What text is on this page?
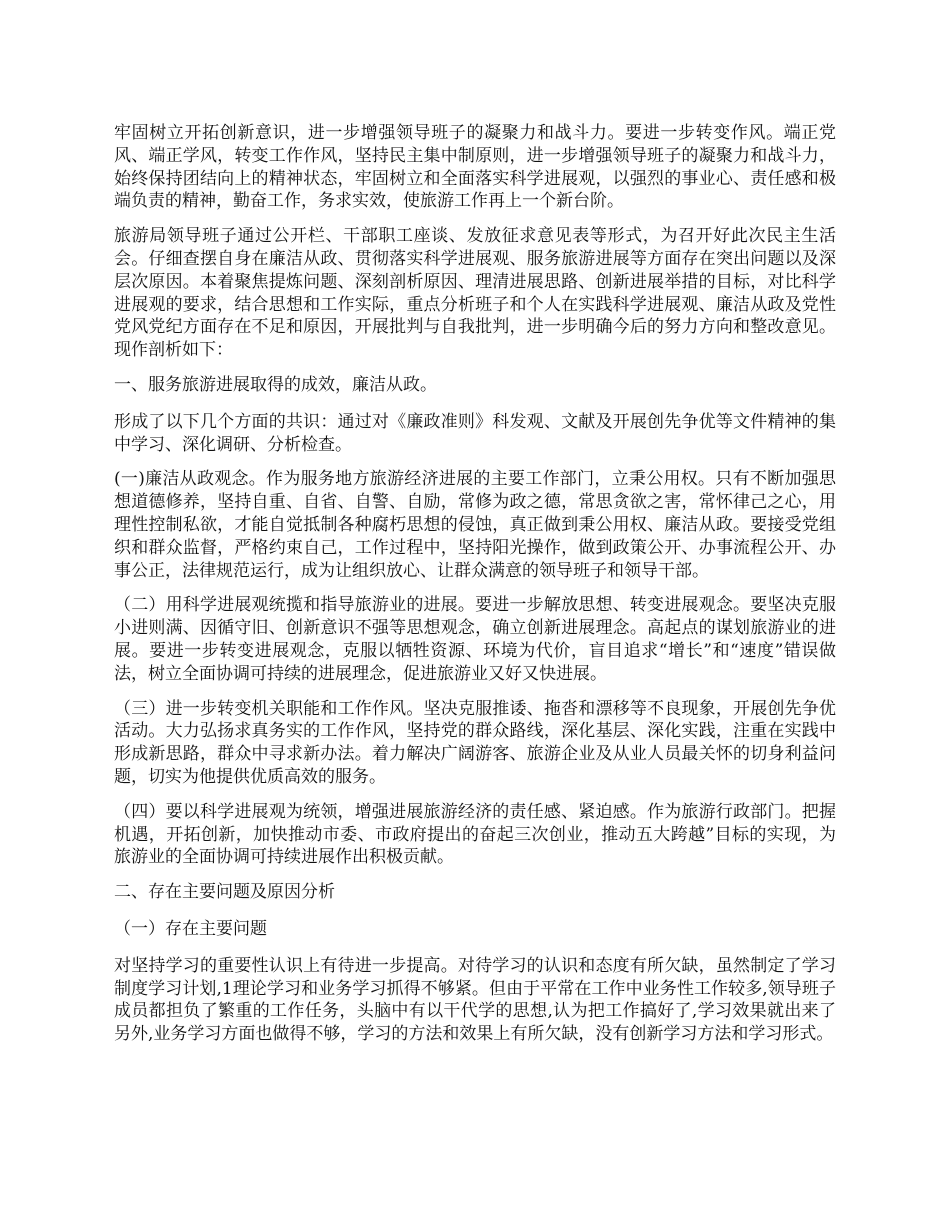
牢固树立开拓创新意识，进一步增强领导班子的凝聚力和战斗力。要进一步转变作风。端正党风、端正学风，转变工作作风，坚持民主集中制原则，进一步增强领导班子的凝聚力和战斗力，始终保持团结向上的精神状态，牢固树立和全面落实科学进展观，以强烈的事业心、责任感和极端负责的精神，勤奋工作，务求实效，使旅游工作再上一个新台阶。

旅游局领导班子通过公开栏、干部职工座谈、发放征求意见表等形式，为召开好此次民主生活会。仔细查摆自身在廉洁从政、贯彻落实科学进展观、服务旅游进展等方面存在突出问题以及深层次原因。本着聚焦提炼问题、深刻剖析原因、理清进展思路、创新进展举措的目标，对比科学进展观的要求，结合思想和工作实际，重点分析班子和个人在实践科学进展观、廉洁从政及党性党风党纪方面存在不足和原因，开展批判与自我批判，进一步明确今后的努力方向和整改意见。现作剖析如下：

一、服务旅游进展取得的成效，廉洁从政。

形成了以下几个方面的共识：通过对《廉政准则》科发观、文献及开展创先争优等文件精神的集中学习、深化调研、分析检查。

(一)廉洁从政观念。作为服务地方旅游经济进展的主要工作部门，立秉公用权。只有不断加强思想道德修养，坚持自重、自省、自警、自励，常修为政之德，常思贪欲之害，常怀律己之心，用理性控制私欲，才能自觉抵制各种腐朽思想的侵蚀，真正做到秉公用权、廉洁从政。要接受党组织和群众监督，严格约束自己，工作过程中，坚持阳光操作，做到政策公开、办事流程公开、办事公正，法律规范运行，成为让组织放心、让群众满意的领导班子和领导干部。

（二）用科学进展观统揽和指导旅游业的进展。要进一步解放思想、转变进展观念。要坚决克服小进则满、因循守旧、创新意识不强等思想观念，确立创新进展理念。高起点的谋划旅游业的进展。要进一步转变进展观念，克服以牺牲资源、环境为代价，盲目追求“增长”和“速度”错误做法，树立全面协调可持续的进展理念，促进旅游业又好又快进展。

（三）进一步转变机关职能和工作作风。坚决克服推诿、拖沓和漂移等不良现象，开展创先争优活动。大力弘扬求真务实的工作作风，坚持党的群众路线，深化基层、深化实践，注重在实践中形成新思路，群众中寻求新办法。着力解决广阔游客、旅游企业及从业人员最关怀的切身利益问题，切实为他提供优质高效的服务。

（四）要以科学进展观为统领，增强进展旅游经济的责任感、紧迫感。作为旅游行政部门。把握机遇，开拓创新，加快推动市委、市政府提出的奋起三次创业，推动五大跨越”目标的实现，为旅游业的全面协调可持续进展作出积极贡献。

二、存在主要问题及原因分析

（一）存在主要问题

对坚持学习的重要性认识上有待进一步提高。对待学习的认识和态度有所欠缺，虽然制定了学习制度学习计划,1理论学习和业务学习抓得不够紧。但由于平常在工作中业务性工作较多,领导班子成员都担负了繁重的工作任务，头脑中有以干代学的思想,认为把工作搞好了,学习效果就出来了另外,业务学习方面也做得不够，学习的方法和效果上有所欠缺，没有创新学习方法和学习形式。
